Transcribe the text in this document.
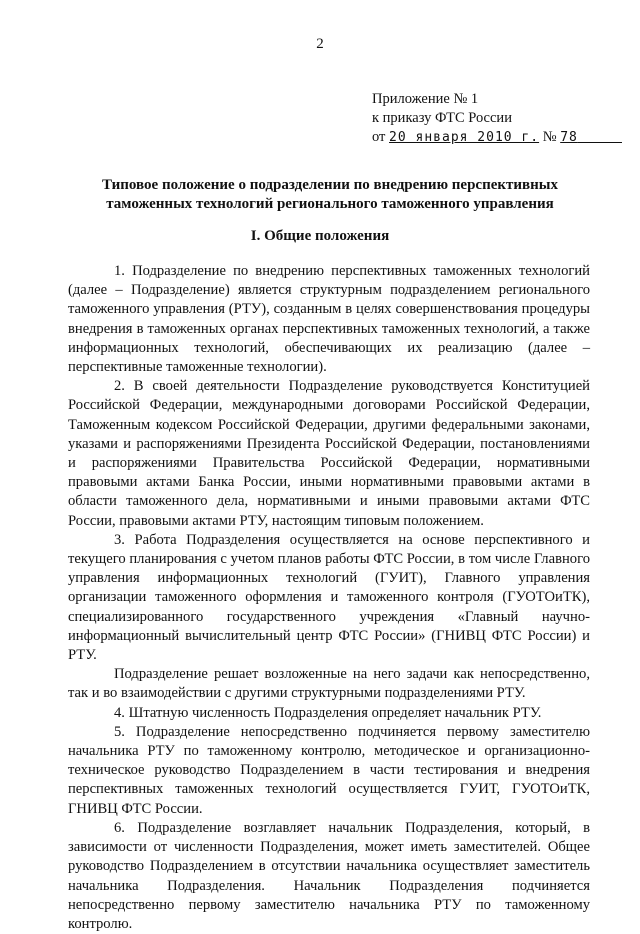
2
Приложение № 1
к приказу ФТС России
от 20 января 2010 г. № 78
Типовое положение о подразделении по внедрению перспективных
таможенных технологий регионального таможенного управления
I. Общие положения

1. Подразделение по внедрению перспективных таможенных технологий (далее – Подразделение) является структурным подразделением регионального таможенного управления (РТУ), созданным в целях совершенствования процедуры внедрения в таможенных органах перспективных таможенных технологий, а также информационных технологий, обеспечивающих их реализацию (далее – перспективные таможенные технологии).

2. В своей деятельности Подразделение руководствуется Конституцией Российской Федерации, международными договорами Российской Федерации, Таможенным кодексом Российской Федерации, другими федеральными законами, указами и распоряжениями Президента Российской Федерации, постановлениями и распоряжениями Правительства Российской Федерации, нормативными правовыми актами Банка России, иными нормативными правовыми актами в области таможенного дела, нормативными и иными правовыми актами ФТС России, правовыми актами РТУ, настоящим типовым положением.

3. Работа Подразделения осуществляется на основе перспективного и текущего планирования с учетом планов работы ФТС России, в том числе Главного управления информационных технологий (ГУИТ), Главного управления организации таможенного оформления и таможенного контроля (ГУОТОиТК), специализированного государственного учреждения «Главный научно-информационный вычислительный центр ФТС России» (ГНИВЦ ФТС России) и РТУ.

Подразделение решает возложенные на него задачи как непосредственно, так и во взаимодействии с другими структурными подразделениями РТУ.

4. Штатную численность Подразделения определяет начальник РТУ.

5. Подразделение непосредственно подчиняется первому заместителю начальника РТУ по таможенному контролю, методическое и организационно-техническое руководство Подразделением в части тестирования и внедрения перспективных таможенных технологий осуществляется ГУИТ, ГУОТОиТК, ГНИВЦ ФТС России.

6. Подразделение возглавляет начальник Подразделения, который, в зависимости от численности Подразделения, может иметь заместителей. Общее руководство Подразделением в отсутствии начальника осуществляет заместитель начальника Подразделения. Начальник Подразделения подчиняется непосредственно первому заместителю начальника РТУ по таможенному контролю.
